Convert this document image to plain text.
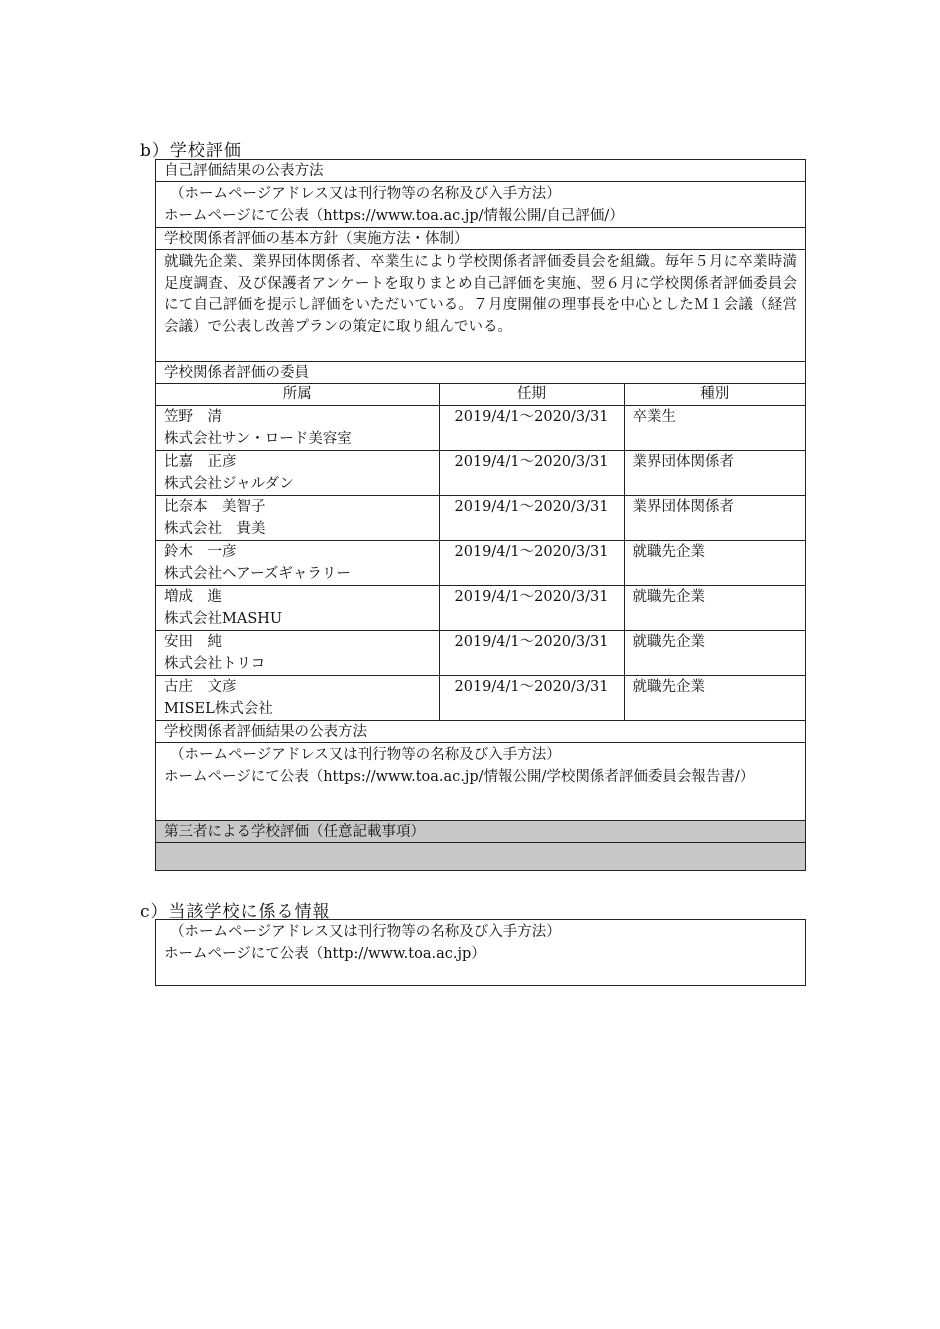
b）学校評価
自己評価結果の公表方法
（ホームページアドレス又は刊行物等の名称及び入手方法）
ホームページにて公表（https://www.toa.ac.jp/情報公開/自己評価/）
学校関係者評価の基本方針（実施方法・体制）
就職先企業、業界団体関係者、卒業生により学校関係者評価委員会を組織。毎年５月に卒業時満足度調査、及び保護者アンケートを取りまとめ自己評価を実施、翌６月に学校関係者評価委員会にて自己評価を提示し評価をいただいている。７月度開催の理事長を中心としたＭ１会議（経営会議）で公表し改善プランの策定に取り組んでいる。
学校関係者評価の委員
所属	任期	種別

笠野　清
株式会社サン・ロード美容室	2019/4/1～2020/3/31	卒業生

比嘉　正彦
株式会社ジャルダン	2019/4/1～2020/3/31	業界団体関係者

比奈本　美智子
株式会社　貴美	2019/4/1～2020/3/31	業界団体関係者

鈴木　一彦
株式会社ヘアーズギャラリー	2019/4/1～2020/3/31	就職先企業

増成　進
株式会社MASHU	2019/4/1～2020/3/31	就職先企業

安田　純
株式会社トリコ	2019/4/1～2020/3/31	就職先企業

古庄　文彦
MISEL株式会社	2019/4/1～2020/3/31	就職先企業
学校関係者評価結果の公表方法
（ホームページアドレス又は刊行物等の名称及び入手方法）
ホームページにて公表（https://www.toa.ac.jp/情報公開/学校関係者評価委員会報告書/）
第三者による学校評価（任意記載事項）
c）当該学校に係る情報
（ホームページアドレス又は刊行物等の名称及び入手方法）
ホームページにて公表（http://www.toa.ac.jp）
